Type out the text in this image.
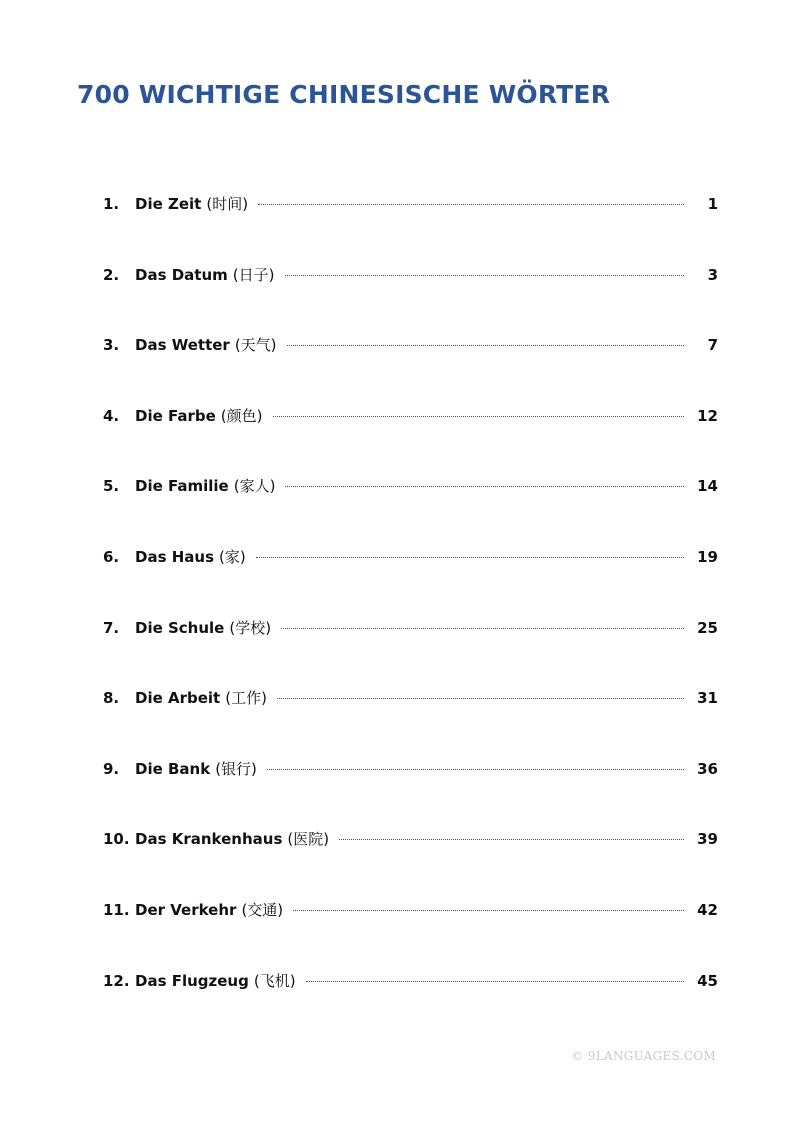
700 WICHTIGE CHINESISCHE WÖRTER
1.	Die Zeit (时间)	1
2.	Das Datum (日子)	3
3.	Das Wetter (天气)	7
4.	Die Farbe (颜色)	12
5.	Die Familie (家人)	14
6.	Das Haus (家)	19
7.	Die Schule (学校)	25
8.	Die Arbeit (工作)	31
9.	Die Bank (银行)	36
10. Das Krankenhaus (医院)	39
11. Der Verkehr (交通)	42
12. Das Flugzeug (飞机)	45
© 9LANGUAGES.COM
